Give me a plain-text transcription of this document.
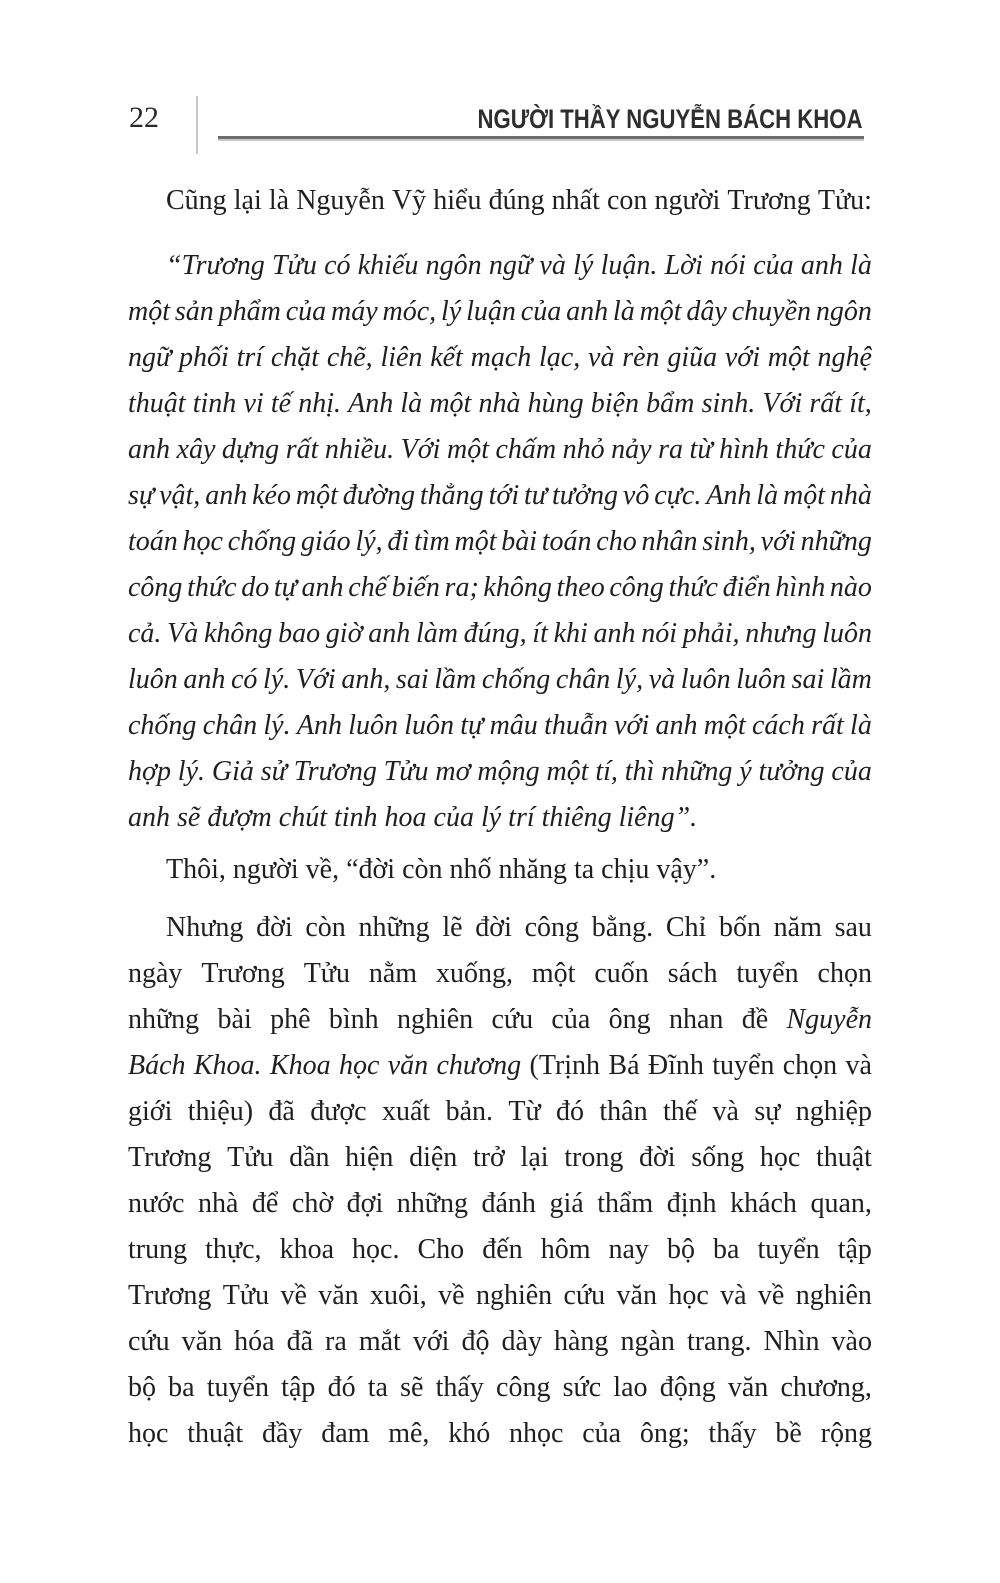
22	NGƯỜI THẦY NGUYỄN BÁCH KHOA
Cũng lại là Nguyễn Vỹ hiểu đúng nhất con người Trương Tửu:
“Trương Tửu có khiếu ngôn ngữ và lý luận. Lời nói của anh là
một sản phẩm của máy móc, lý luận của anh là một dây chuyền ngôn
ngữ phối trí chặt chẽ, liên kết mạch lạc, và rèn giũa với một nghệ
thuật tinh vi tế nhị. Anh là một nhà hùng biện bẩm sinh. Với rất ít,
anh xây dựng rất nhiều. Với một chấm nhỏ nảy ra từ hình thức của
sự vật, anh kéo một đường thẳng tới tư tưởng vô cực. Anh là một nhà
toán học chống giáo lý, đi tìm một bài toán cho nhân sinh, với những
công thức do tự anh chế biến ra; không theo công thức điển hình nào
cả. Và không bao giờ anh làm đúng, ít khi anh nói phải, nhưng luôn
luôn anh có lý. Với anh, sai lầm chống chân lý, và luôn luôn sai lầm
chống chân lý. Anh luôn luôn tự mâu thuẫn với anh một cách rất là
hợp lý. Giả sử Trương Tửu mơ mộng một tí, thì những ý tưởng của
anh sẽ đượm chút tinh hoa của lý trí thiêng liêng”.
Thôi, người về, “đời còn nhố nhăng ta chịu vậy”.
Nhưng đời còn những lẽ đời công bằng. Chỉ bốn năm sau
ngày Trương Tửu nằm xuống, một cuốn sách tuyển chọn
những bài phê bình nghiên cứu của ông nhan đề Nguyễn
Bách Khoa. Khoa học văn chương (Trịnh Bá Đĩnh tuyển chọn và
giới thiệu) đã được xuất bản. Từ đó thân thế và sự nghiệp
Trương Tửu dần hiện diện trở lại trong đời sống học thuật
nước nhà để chờ đợi những đánh giá thẩm định khách quan,
trung thực, khoa học. Cho đến hôm nay bộ ba tuyển tập
Trương Tửu về văn xuôi, về nghiên cứu văn học và về nghiên
cứu văn hóa đã ra mắt với độ dày hàng ngàn trang. Nhìn vào
bộ ba tuyển tập đó ta sẽ thấy công sức lao động văn chương,
học thuật đầy đam mê, khó nhọc của ông; thấy bề rộng
